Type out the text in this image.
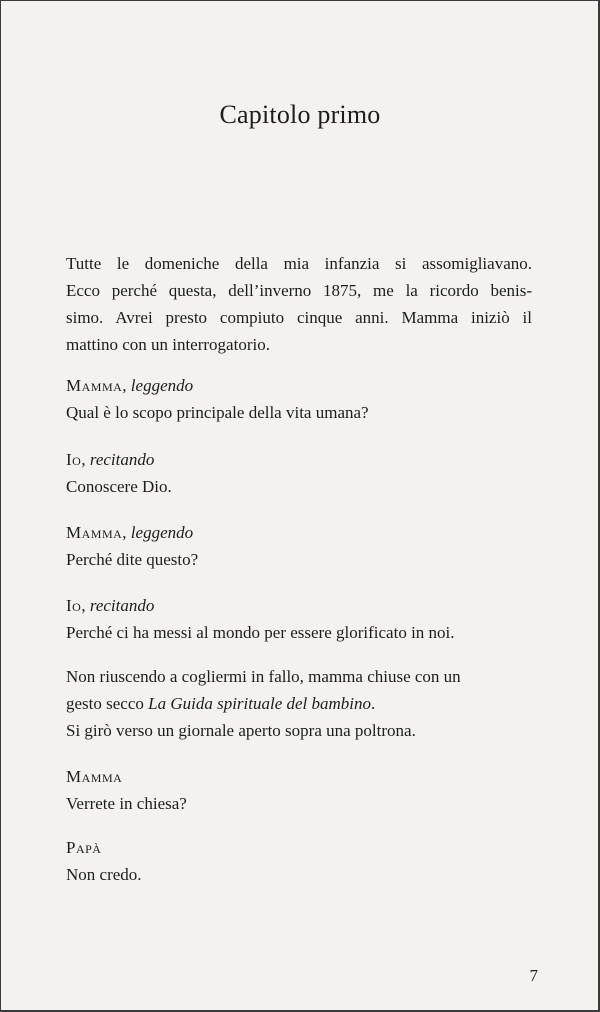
Capitolo primo
Tutte le domeniche della mia infanzia si assomigliavano.
Ecco perché questa, dell’inverno 1875, me la ricordo benis-
simo. Avrei presto compiuto cinque anni. Mamma iniziò il
mattino con un interrogatorio.
Mamma, leggendo
Qual è lo scopo principale della vita umana?
Io, recitando
Conoscere Dio.
Mamma, leggendo
Perché dite questo?
Io, recitando
Perché ci ha messi al mondo per essere glorificato in noi.
Non riuscendo a cogliermi in fallo, mamma chiuse con un
gesto secco La Guida spirituale del bambino.
Si girò verso un giornale aperto sopra una poltrona.
Mamma
Verrete in chiesa?
Papà
Non credo.
7
